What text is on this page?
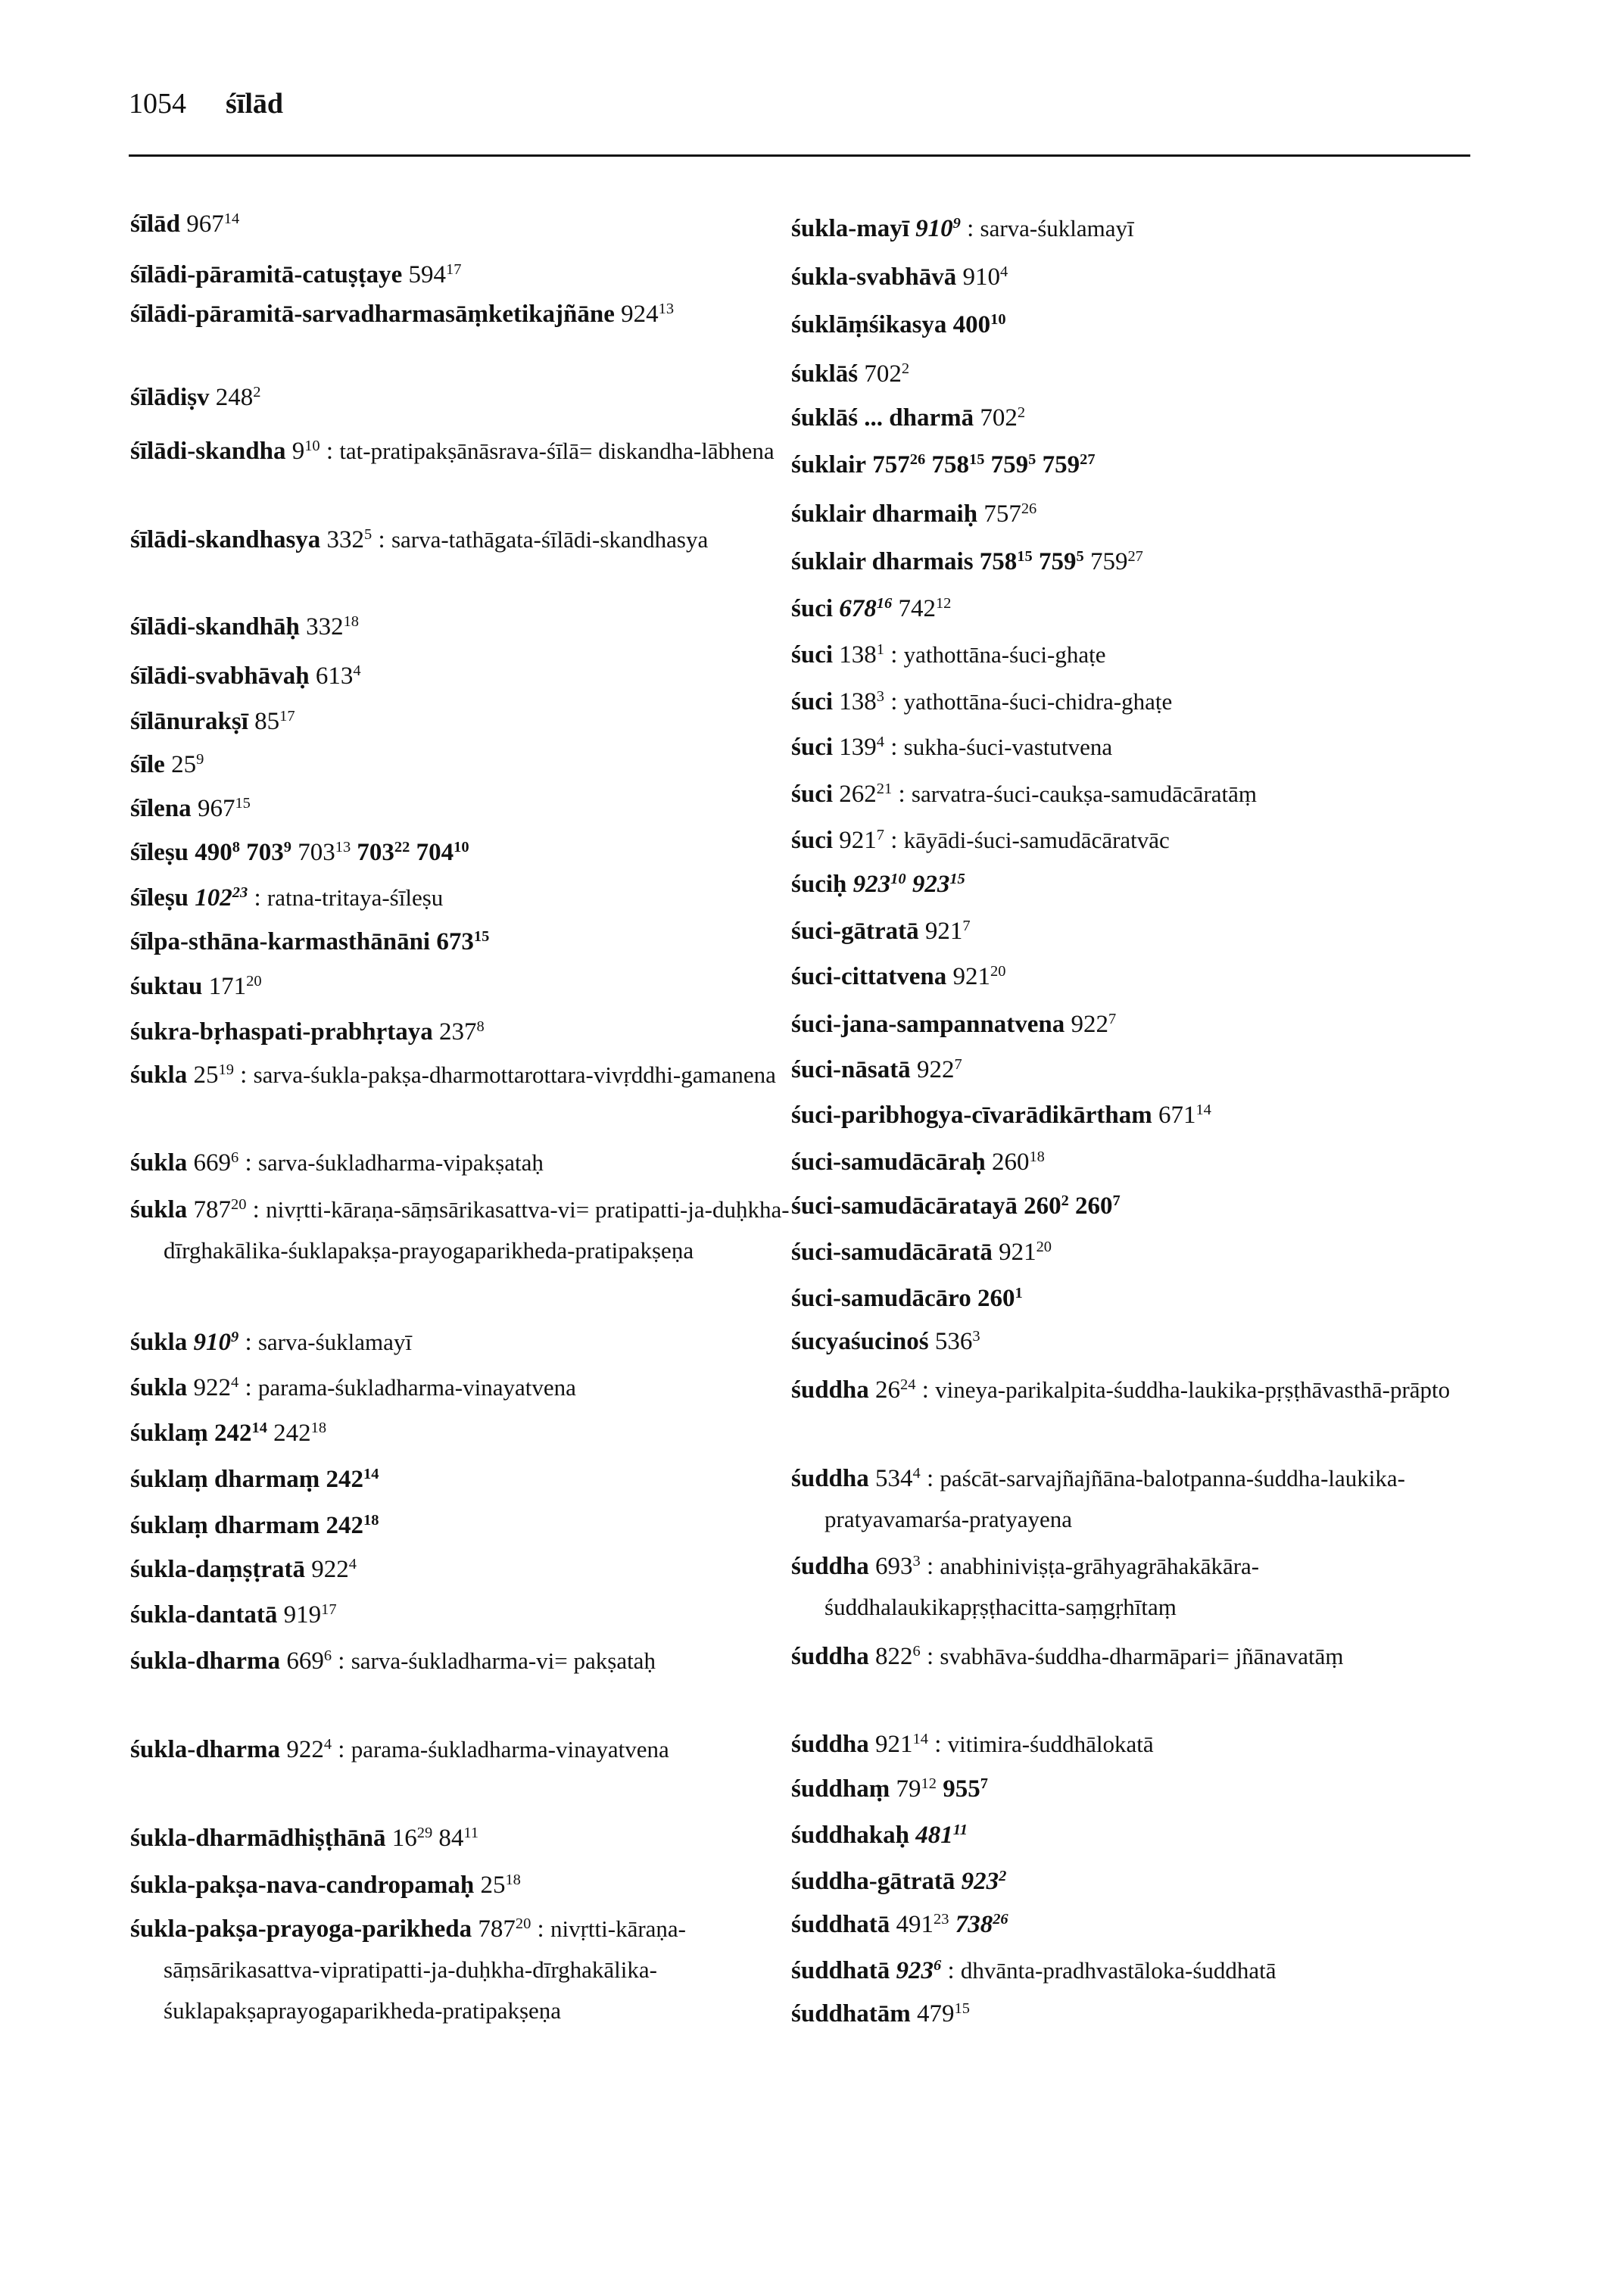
1054 śīlād
śīlād $967^{14}$
śīlādi-pāramitā-catuṣṭaye $594^{17}$
śīlādi-pāramitā-sarvadharmasāṃketikajñāne $924^{13}$
śīlādiṣv $248^2$
śīlādi-skandha $9^{10}$ : tat-pratipakṣānāsrava-śīlā= diskandha-lābhena
śīlādi-skandhasya $332^5$ : sarva-tathāgata-śīlādi-skandhasya
śīlādi-skandhāḥ $332^{18}$
śīlādi-svabhāvaḥ $613^4$
śīlānurakṣī $85^{17}$
śīle $25^9$
śīlena $967^{15}$
śīleṣu $490^8$ $703^9$ $703^{13}$ $703^{22}$ $704^{10}$
śīleṣu $102^{23}$ : ratna-tritaya-śīleṣu
śīlpa-sthāna-karmasthānāni $673^{15}$
śuktau $171^{20}$
śukra-bṛhaspati-prabhṛtaya $237^8$
śukla $25^{19}$ : sarva-śukla-pakṣa-dharmottarottara-vivṛddhi-gamanena
śukla $669^6$ : sarva-śukladharma-vipakṣataḥ
śukla $787^{20}$ : nivṛtti-kāraṇa-sāṃsārikasattva-vi= pratipatti-ja-duḥkha-dīrghakālika-śuklapakṣa-prayogaparikheda-pratipakṣeṇa
śukla $910^9$ : sarva-śuklamayī
śukla $922^4$ : parama-śukladharma-vinayatvena
śuklaṃ $242^{14}$ $242^{18}$
śuklaṃ dharmaṃ $242^{14}$
śuklaṃ dharmam $242^{18}$
śukla-daṃṣṭratā $922^4$
śukla-dantatā $919^{17}$
śukla-dharma $669^6$ : sarva-śukladharma-vi= pakṣataḥ
śukla-dharma $922^4$ : parama-śukladharma-vinayatvena
śukla-dharmādhiṣṭhānā $16^{29}$ $84^{11}$
śukla-pakṣa-nava-candropamaḥ $25^{18}$
śukla-pakṣa-prayoga-parikheda $787^{20}$ : nivṛtti-kāraṇa-sāṃsārikasattva-vipratipatti-ja-duḥkha-dīrghakālika-śuklapakṣaprayogaparikheda-pratipakṣeṇa
śukla-mayī $910^9$ : sarva-śuklamayī
śukla-svabhāvā $910^4$
śuklāṃśikasya $400^{10}$
śuklāś $702^2$
śuklāś ... dharmā $702^2$
śuklair $757^{26}$ $758^{15}$ $759^5$ $759^{27}$
śuklair dharmaiḥ $757^{26}$
śuklair dharmais $758^{15}$ $759^5$ $759^{27}$
śuci $678^{16}$ $742^{12}$
śuci $138^1$ : yathottāna-śuci-ghaṭe
śuci $138^3$ : yathottāna-śuci-chidra-ghaṭe
śuci $139^4$ : sukha-śuci-vastutvena
śuci $262^{21}$ : sarvatra-śuci-caukṣa-samudācāratāṃ
śuci $921^7$ : kāyādi-śuci-samudācāratvāc
śuciḥ $923^{10}$ $923^{15}$
śuci-gātratā $921^7$
śuci-cittatvena $921^{20}$
śuci-jana-sampannatvena $922^7$
śuci-nāsatā $922^7$
śuci-paribhogya-cīvarādikārtham $671^{14}$
śuci-samudācāraḥ $260^{18}$
śuci-samudācāratayā $260^2$ $260^7$
śuci-samudācāratā $921^{20}$
śuci-samudācāro $260^1$
śucyaśucinoś $536^3$
śuddha $26^{24}$ : vineya-parikalpita-śuddha-laukika-pṛṣṭhāvasthā-prāpto
śuddha $534^4$ : paścāt-sarvajñajñāna-balotpanna-śuddha-laukika-pratyavamarśa-pratyayena
śuddha $693^3$ : anabhiniviṣṭa-grāhyagrāhakākāra-śuddhalaukikapṛṣṭhacitta-saṃgṛhītaṃ
śuddha $822^6$ : svabhāva-śuddha-dharmāpari= jñānavatāṃ
śuddha $921^{14}$ : vitimira-śuddhālokatā
śuddhaṃ $79^{12}$ $955^7$
śuddhakaḥ $481^{11}$
śuddha-gātratā $923^2$
śuddhatā $491^{23}$ $738^{26}$
śuddhatā $923^6$ : dhvānta-pradhvastāloka-śuddhatā
śuddhatām $479^{15}$
